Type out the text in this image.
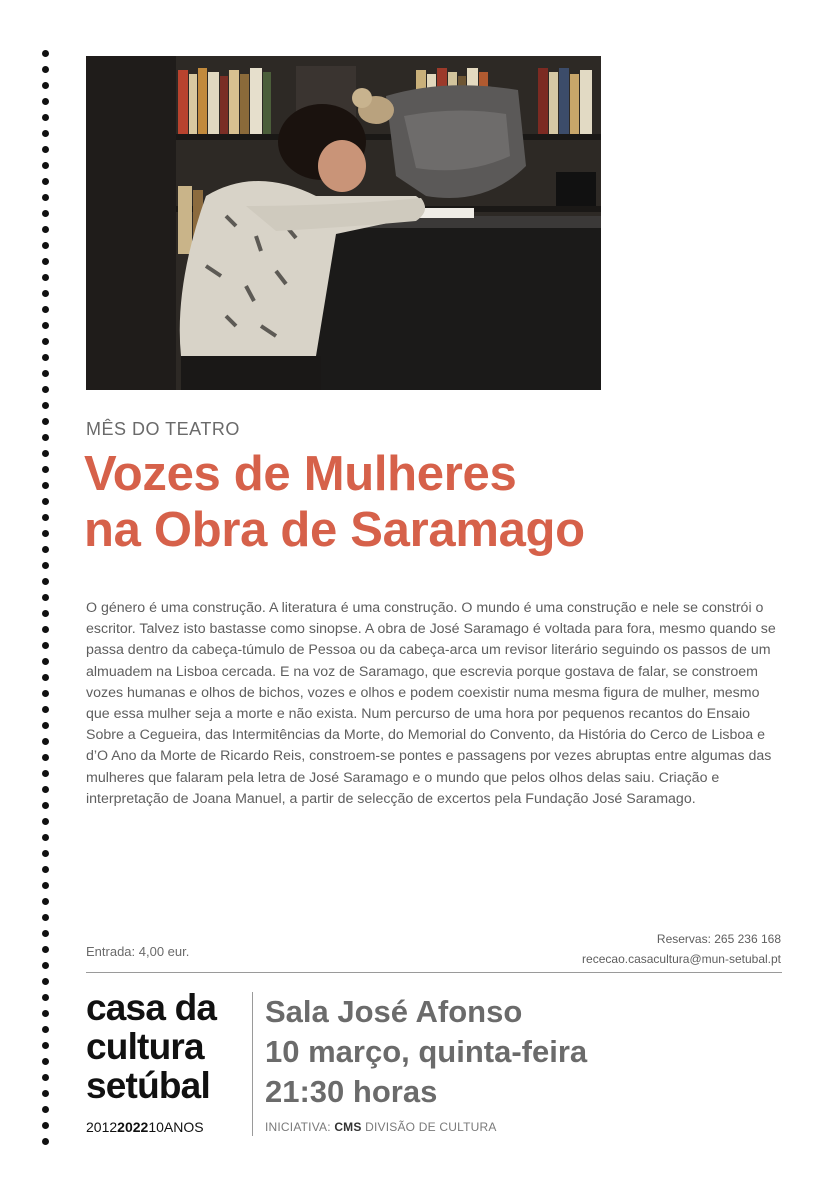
MÊS DO TEATRO
Vozes de Mulheres
na Obra de Saramago

O género é uma construção. A literatura é uma construção. O mundo é uma construção e nele se constrói o escritor. Talvez isto bastasse como sinopse. A obra de José Saramago é voltada para fora, mesmo quando se passa dentro da cabeça-túmulo de Pessoa ou da cabeça-arca um revisor literário seguindo os passos de um almuadem na Lisboa cercada. E na voz de Saramago, que escrevia porque gostava de falar, se constroem vozes humanas e olhos de bichos, vozes e olhos e podem coexistir numa mesma figura de mulher, mesmo que essa mulher seja a morte e não exista. Num percurso de uma hora por pequenos recantos do Ensaio Sobre a Cegueira, das Intermitências da Morte, do Memorial do Convento, da História do Cerco de Lisboa e d’O Ano da Morte de Ricardo Reis, constroem-se pontes e passagens por vezes abruptas entre algumas das mulheres que falaram pela letra de José Saramago e o mundo que pelos olhos delas saiu. Criação e interpretação de Joana Manuel, a partir de selecção de excertos pela Fundação José Saramago.

Entrada: 4,00 eur.
Reservas: 265 236 168
rececao.casacultura@mun-setubal.pt
casa da
cultura
setúbal
2012202210ANOS
Sala José Afonso
10 março, quinta-feira
21:30 horas
INICIATIVA: CMS DIVISÃO DE CULTURA
